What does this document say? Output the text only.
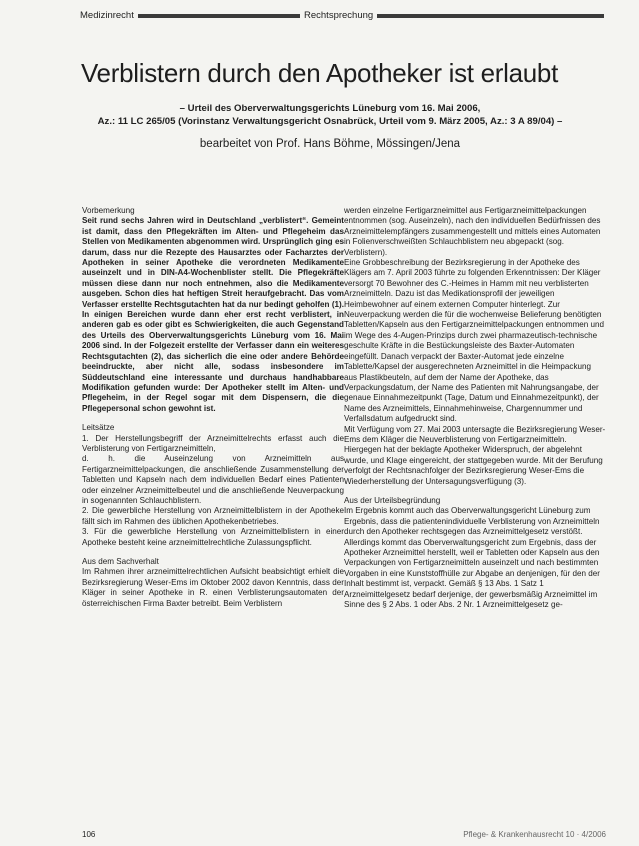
Medizinrecht	Rechtsprechung
Verblistern durch den Apotheker ist erlaubt
– Urteil des Oberverwaltungsgerichts Lüneburg vom 16. Mai 2006,
Az.: 11 LC 265/05 (Vorinstanz Verwaltungsgericht Osnabrück, Urteil vom 9. März 2005, Az.: 3 A 89/04) –
bearbeitet von Prof. Hans Böhme, Mössingen/Jena

Vorbemerkung

Seit rund sechs Jahren wird in Deutschland „verblistert“. Gemeint ist damit, dass den Pflegekräften im Alten- und Pflegeheim das Stellen von Medikamenten abgenommen wird. Ursprünglich ging es darum, dass nur die Rezepte des Hausarztes oder Facharztes der Apotheken in seiner Apotheke die verordneten Medikamente auseinzelt und in DIN-A4-Wochenblister stellt. Die Pflegekräfte müssen diese dann nur noch entnehmen, also die Medikamente ausgeben. Schon dies hat heftigen Streit heraufgebracht. Das vom Verfasser erstellte Rechtsgutachten hat da nur bedingt geholfen (1). In einigen Bereichen wurde dann eher erst recht verblistert, in anderen gab es oder gibt es Schwierigkeiten, die auch Gegenstand des Urteils des Oberverwaltungsgerichts Lüneburg vom 16. Mai 2006 sind. In der Folgezeit erstellte der Verfasser dann ein weiteres Rechtsgutachten (2), das sicherlich die eine oder andere Behörde beeindruckte, aber nicht alle, sodass insbesondere im Süddeutschland eine interessante und durchaus handhabbare Modifikation gefunden wurde: Der Apotheker stellt im Alten- und Pflegeheim, in der Regel sogar mit dem Dispensern, die die Pflegepersonal schon gewohnt ist.

Leitsätze

1. Der Herstellungsbegriff der Arzneimittelrechts erfasst auch die Verblisterung von Fertigarzneimitteln,

d. h. die Auseinzelung von Arzneimitteln aus Fertigarzneimittelpackungen, die anschließende Zusammenstellung der Tabletten und Kapseln nach dem individuellen Bedarf eines Patienten oder einzelner Arzneimittelbeutel und die anschließende Neuverpackung in sogenannten Schlauchblistern.

2. Die gewerbliche Herstellung von Arzneimittelblistern in der Apotheke fällt sich im Rahmen des üblichen Apothekenbetriebes.

3. Für die gewerbliche Herstellung von Arzneimittelblistern in einer Apotheke besteht keine arzneimittelrechtliche Zulassungspflicht.

Aus dem Sachverhalt

Im Rahmen ihrer arzneimittelrechtlichen Aufsicht beabsichtigt erhielt die Bezirksregierung Weser-Ems im Oktober 2002 davon Kenntnis, dass der Kläger in seiner Apotheke in R. einen Verblisterungsautomaten der österreichischen Firma Baxter betreibt. Beim Verblistern

werden einzelne Fertigarzneimittel aus Fertigarzneimittelpackungen entnommen (sog. Auseinzeln), nach den individuellen Bedürfnissen des Arzneimittelempfängers zusammengestellt und mittels eines Automaten in Folienverschweißten Schlauchblistern neu abgepackt (sog. Verblistern).

Eine Grobbeschreibung der Bezirksregierung in der Apotheke des Klägers am 7. April 2003 führte zu folgenden Erkenntnissen: Der Kläger versorgt 70 Bewohner des C.-Heimes in Hamm mit neu verblisterten Arzneimitteln. Dazu ist das Medikationsprofil der jeweiligen Heimbewohner auf einem externen Computer hinterlegt. Zur Neuverpackung werden die für die wochenweise Belieferung benötigten Tabletten/Kapseln aus den Fertigarzneimittelpackungen entnommen und im Wege des 4-Augen-Prinzips durch zwei pharmazeutisch-technische geschulte Kräfte in die Bestückungsleiste des Baxter-Automaten eingefüllt. Danach verpackt der Baxter-Automat jede einzelne Tablette/Kapsel der ausgerechneten Arzneimittel in die Heimpackung aus Plastikbeuteln, auf dem der Name der Apotheke, das Verpackungsdatum, der Name des Patienten mit Nahrungsangabe, der genaue Einnahmezeitpunkt (Tage, Datum und Einnahmezeitpunkt), der Name des Arzneimittels, Einnahmehinweise, Chargennummer und Verfallsdatum aufgedruckt sind.

Mit Verfügung vom 27. Mai 2003 untersagte die Bezirksregierung Weser-Ems dem Kläger die Neuverblisterung von Fertigarzneimitteln. Hiergegen hat der beklagte Apotheker Widerspruch, der abgelehnt wurde, und Klage eingereicht, der stattgegeben wurde. Mit der Berufung verfolgt der Rechtsnachfolger der Bezirksregierung Weser-Ems die Wiederherstellung der Untersagungsverfügung (3).

Aus der Urteilsbegründung

Im Ergebnis kommt auch das Oberverwaltungsgericht Lüneburg zum Ergebnis, dass die patientenindividuelle Verblisterung von Arzneimitteln durch den Apotheker rechtsgegen das Arzneimittelgesetz verstößt.

Allerdings kommt das Oberverwaltungsgericht zum Ergebnis, dass der Apotheker Arzneimittel herstellt, weil er Tabletten oder Kapseln aus den Verpackungen von Fertigarzneimitteln auseinzelt und nach bestimmten Vorgaben in eine Kunststoffhülle zur Abgabe an denjenigen, für den der Inhalt bestimmt ist, verpackt. Gemäß § 13 Abs. 1 Satz 1 Arzneimittelgesetz bedarf derjenige, der gewerbsmäßig Arzneimittel im Sinne des § 2 Abs. 1 oder Abs. 2 Nr. 1 Arzneimittelgesetz ge-

106	Pflege- & Krankenhausrecht 10 · 4/2006
